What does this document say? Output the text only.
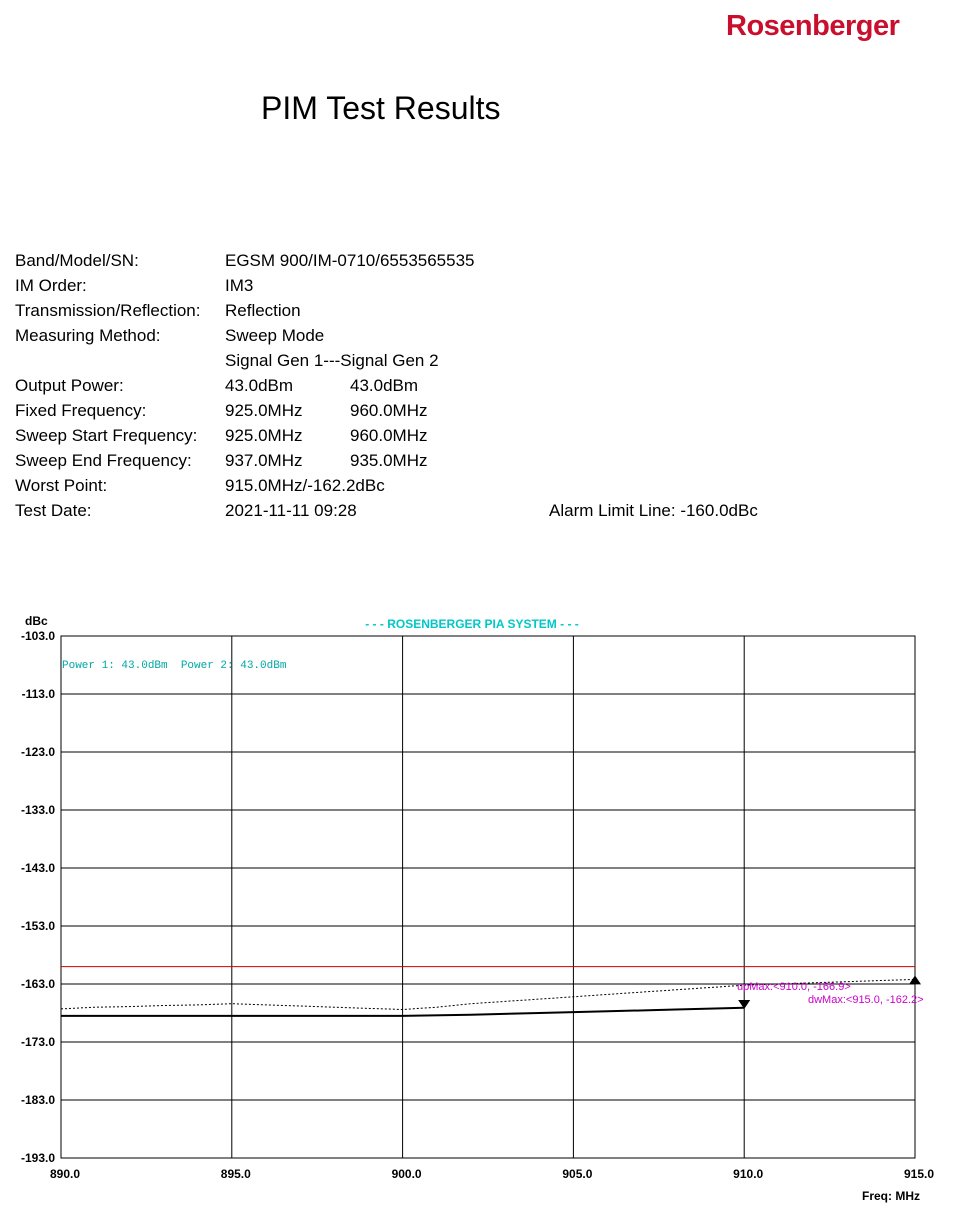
Rosenberger
PIM Test Results
Band/Model/SN:	EGSM 900/IM-0710/6553565535
IM Order:	IM3
Transmission/Reflection: Reflection
Measuring Method:	Sweep Mode
Signal Gen 1---Signal Gen 2
Output Power:	43.0dBm	43.0dBm
Fixed Frequency:	925.0MHz	960.0MHz
Sweep Start Frequency: 925.0MHz	960.0MHz
Sweep End Frequency: 937.0MHz	935.0MHz
Worst Point:	915.0MHz/-162.2dBc
Test Date:	2021-11-11 09:28	Alarm Limit Line: -160.0dBc
- - - ROSENBERGER PIA SYSTEM - - -
dBc
Freq: MHz
-103.0
-113.0
-123.0
-133.0
-143.0
-153.0
-163.0
-173.0
-183.0
-193.0
890.0	895.0	900.0	905.0	910.0	915.0
Power 1: 43.0dBm  Power 2: 43.0dBm
upMax:<910.0, -166.9>
dwMax:<915.0, -162.2>
